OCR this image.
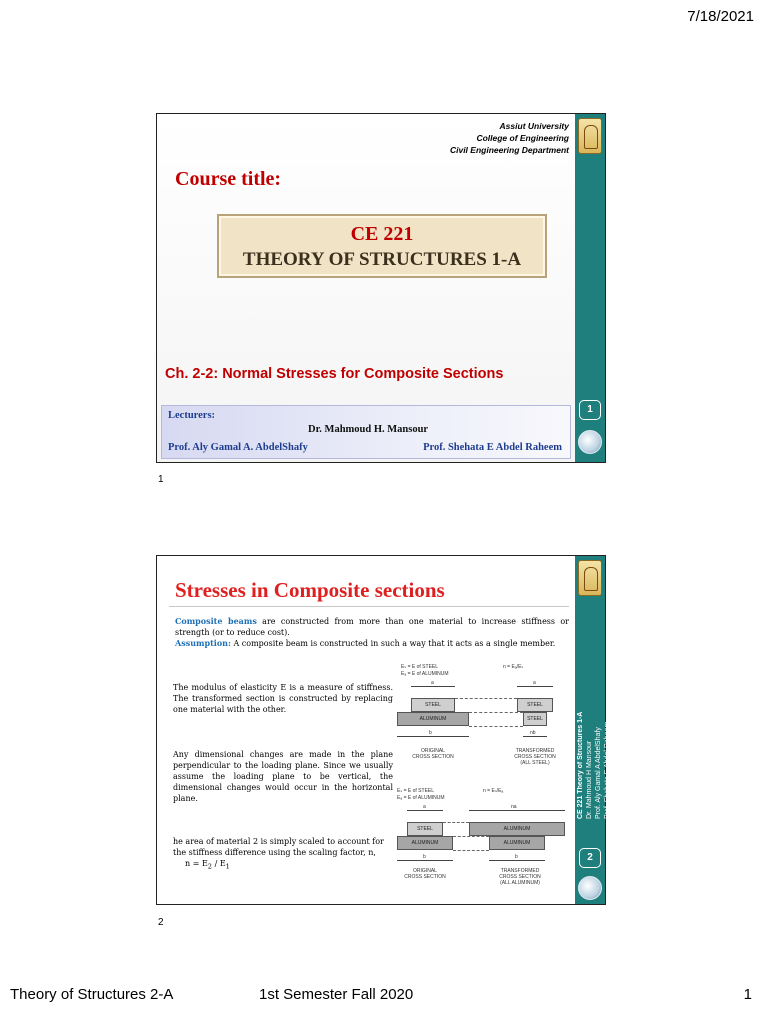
7/18/2021
Assiut University
College of Engineering
Civil Engineering Department
Course title:
CE 221
THEORY OF STRUCTURES 1-A
Ch. 2-2: Normal Stresses for Composite Sections
Lecturers:
Dr. Mahmoud H. Mansour
Prof. Aly Gamal A. AbdelShafy	Prof. Shehata E Abdel Raheem
1
1
Stresses in Composite sections
Composite beams are constructed from more than one material to increase stiffness or strength (or to reduce cost).
Assumption: A composite beam is constructed in such a way that it acts as a single member.
The modulus of elasticity E is a measure of stiffness. The transformed section is constructed by replacing one material with the other.
Any dimensional changes are made in the plane perpendicular to the loading plane. Since we usually assume the loading plane to be vertical, the dimensional changes would occur in the horizontal plane.
he area of material 2 is simply scaled to account for the stiffness difference using the scaling factor, n,
$n = E_2 / E_1$
Eₛ = E of STEEL
Eₐ = E of ALUMINUM
n = Eₐ/Eₛ
a	a
STEEL
ALUMINUM
STEEL
STEEL
b	nb
ORIGINAL
CROSS SECTION
TRANSFORMED
CROSS SECTION
(ALL STEEL)
Eₛ = E of STEEL
Eₐ = E of ALUMINUM
n = Eₛ/Eₐ
a	na
STEEL
ALUMINUM
ALUMINUM
ALUMINUM
b	b
ORIGINAL
CROSS SECTION
TRANSFORMED
CROSS SECTION
(ALL ALUMINUM)
CE 221 Theory of Structures 1-A Dr. Mahmoud H Mansour Prof. Aly Gamal A AbdelShafy Prof. Shehata E Abdel Raheem
2
2
Theory of Structures 2-A	1st Semester Fall 2020	1
